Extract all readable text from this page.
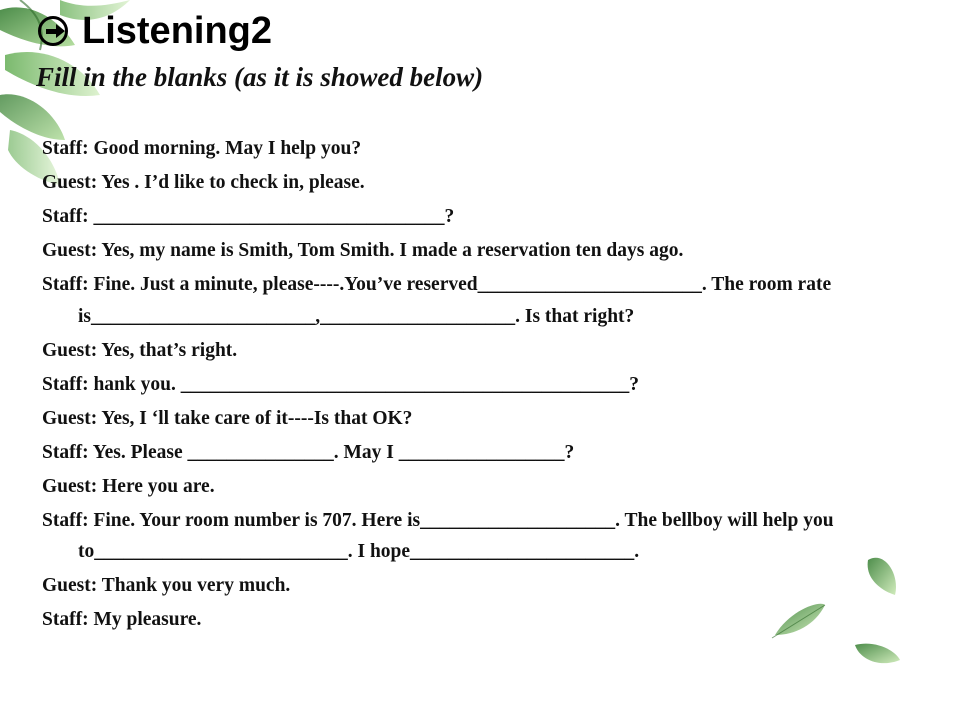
Listening2
Fill in the blanks (as it is showed below)
Staff: Good morning. May I help you?
Guest: Yes . I’d like to check in, please.
Staff: ____________________________________?
Guest: Yes, my name is Smith, Tom Smith. I made a reservation ten days ago.
Staff: Fine. Just a minute, please----.You’ve reserved_______________________. The room rate is_______________________,____________________. Is that right?
Guest: Yes, that’s right.
Staff: hank you. ______________________________________________?
Guest: Yes, I ‘ll take care of it----Is that OK?
Staff: Yes. Please _______________. May I _________________?
Guest: Here you are.
Staff: Fine. Your room number is 707. Here is____________________. The bellboy will help you to__________________________. I hope_______________________.
Guest: Thank you very much.
Staff: My pleasure.
